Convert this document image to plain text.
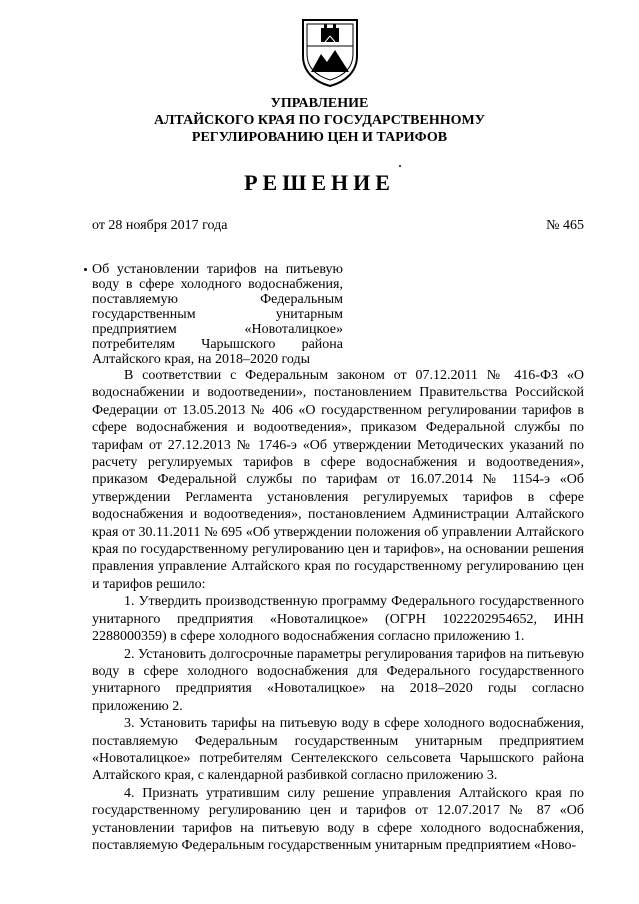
УПРАВЛЕНИЕ
АЛТАЙСКОГО КРАЯ ПО ГОСУДАРСТВЕННОМУ
РЕГУЛИРОВАНИЮ ЦЕН И ТАРИФОВ
РЕШЕНИЕ
от 28 ноября 2017 года	№ 465
Об установлении тарифов на питьевую воду в сфере холодного водоснабжения, поставляемую Федеральным государственным унитарным предприятием «Новоталицкое» потребителям Чарышского района Алтайского края, на 2018–2020 годы

В соответствии с Федеральным законом от 07.12.2011 № 416-ФЗ «О водоснабжении и водоотведении», постановлением Правительства Российской Федерации от 13.05.2013 № 406 «О государственном регулировании тарифов в сфере водоснабжения и водоотведения», приказом Федеральной службы по тарифам от 27.12.2013 № 1746-э «Об утверждении Методических указаний по расчету регулируемых тарифов в сфере водоснабжения и водоотведения», приказом Федеральной службы по тарифам от 16.07.2014 № 1154-э «Об утверждении Регламента установления регулируемых тарифов в сфере водоснабжения и водоотведения», постановлением Администрации Алтайского края от 30.11.2011 № 695 «Об утверждении положения об управлении Алтайского края по государственному регулированию цен и тарифов», на основании решения правления управление Алтайского края по государственному регулированию цен и тарифов решило:

1. Утвердить производственную программу Федерального государственного унитарного предприятия «Новоталицкое» (ОГРН 1022202954652, ИНН 2288000359) в сфере холодного водоснабжения согласно приложению 1.

2. Установить долгосрочные параметры регулирования тарифов на питьевую воду в сфере холодного водоснабжения для Федерального государственного унитарного предприятия «Новоталицкое» на 2018–2020 годы согласно приложению 2.

3. Установить тарифы на питьевую воду в сфере холодного водоснабжения, поставляемую Федеральным государственным унитарным предприятием «Новоталицкое» потребителям Сентелекского сельсовета Чарышского района Алтайского края, с календарной разбивкой согласно приложению 3.

4. Признать утратившим силу решение управления Алтайского края по государственному регулированию цен и тарифов от 12.07.2017 № 87 «Об установлении тарифов на питьевую воду в сфере холодного водоснабжения, поставляемую Федеральным государственным унитарным предприятием «Ново-
